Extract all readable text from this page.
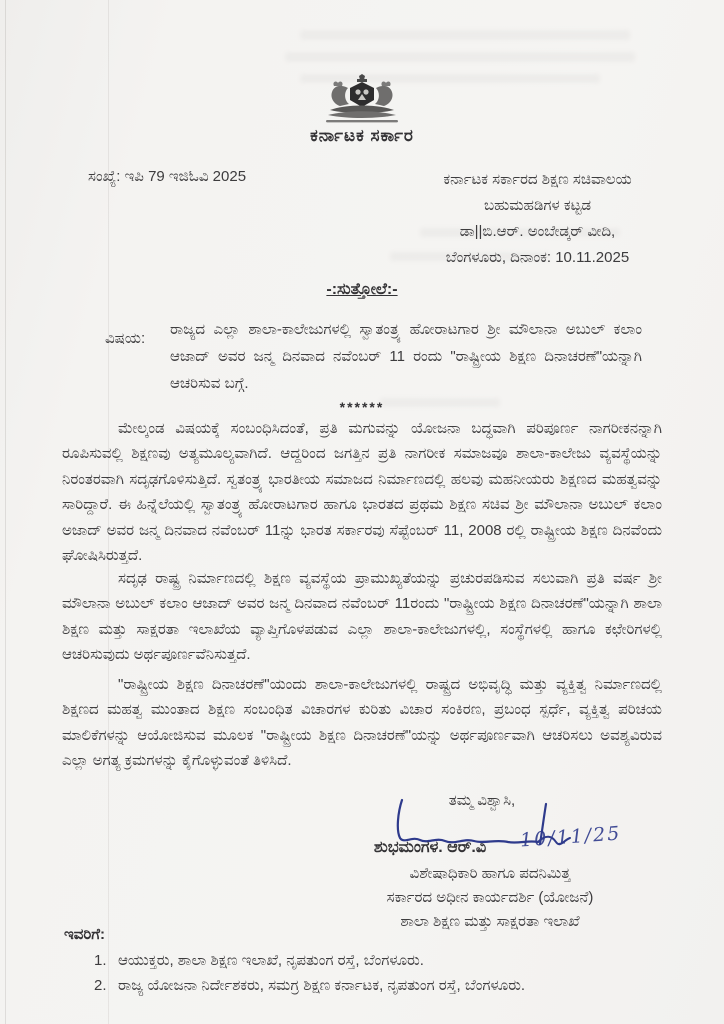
ಕರ್ನಾಟಕ ಸರ್ಕಾರ
ಸಂಖ್ಯೆ: ಇಪಿ 79 ಇಜಿಓವಿ 2025	ಕರ್ನಾಟಕ ಸರ್ಕಾರದ ಶಿಕ್ಷಣ ಸಚಿವಾಲಯ
ಬಹುಮಹಡಿಗಳ ಕಟ್ಟಡ
ಡಾ||ಬಿ.ಆರ್. ಅಂಬೇಡ್ಕರ್ ವೀದಿ,
ಬೆಂಗಳೂರು, ದಿನಾಂಕ: 10.11.2025
-:ಸುತ್ತೋಲೆ:-
ವಿಷಯ:
ರಾಜ್ಯದ ಎಲ್ಲಾ ಶಾಲಾ-ಕಾಲೇಜುಗಳಲ್ಲಿ ಸ್ವಾತಂತ್ರ್ಯ ಹೋರಾಟಗಾರ ಶ್ರೀ ಮೌಲಾನಾ ಅಬುಲ್ ಕಲಾಂ ಆಜಾದ್ ಅವರ ಜನ್ಮ ದಿನವಾದ ನವೆಂಬರ್ 11 ರಂದು "ರಾಷ್ಟ್ರೀಯ ಶಿಕ್ಷಣ ದಿನಾಚರಣೆ"ಯನ್ನಾಗಿ ಆಚರಿಸುವ ಬಗ್ಗೆ.
******
ಮೇಲ್ಕಂಡ ವಿಷಯಕ್ಕೆ ಸಂಬಂಧಿಸಿದಂತೆ, ಪ್ರತಿ ಮಗುವನ್ನು ಯೋಜನಾ ಬದ್ಧವಾಗಿ ಪರಿಪೂರ್ಣ ನಾಗರೀಕನನ್ನಾಗಿ ರೂಪಿಸುವಲ್ಲಿ ಶಿಕ್ಷಣವು ಅತ್ಯಮೂಲ್ಯವಾಗಿದೆ. ಆದ್ದರಿಂದ ಜಗತ್ತಿನ ಪ್ರತಿ ನಾಗರೀಕ ಸಮಾಜವೂ ಶಾಲಾ-ಕಾಲೇಜು ವ್ಯವಸ್ಥೆಯನ್ನು ನಿರಂತರವಾಗಿ ಸದೃಢಗೊಳಿಸುತ್ತಿದೆ. ಸ್ವತಂತ್ರ್ಯ ಭಾರತೀಯ ಸಮಾಜದ ನಿರ್ಮಾಣದಲ್ಲಿ ಹಲವು ಮಹನೀಯರು ಶಿಕ್ಷಣದ ಮಹತ್ವವನ್ನು ಸಾರಿದ್ದಾರೆ. ಈ ಹಿನ್ನೆಲೆಯಲ್ಲಿ ಸ್ವಾತಂತ್ರ್ಯ ಹೋರಾಟಗಾರ ಹಾಗೂ ಭಾರತದ ಪ್ರಥಮ ಶಿಕ್ಷಣ ಸಚಿವ ಶ್ರೀ ಮೌಲಾನಾ ಅಬುಲ್ ಕಲಾಂ ಅಜಾದ್ ಅವರ ಜನ್ಮ ದಿನವಾದ ನವೆಂಬರ್ 11ನ್ನು ಭಾರತ ಸರ್ಕಾರವು ಸೆಪ್ಟೆಂಬರ್ 11, 2008 ರಲ್ಲಿ ರಾಷ್ಟ್ರೀಯ ಶಿಕ್ಷಣ ದಿನವೆಂದು ಘೋಷಿಸಿರುತ್ತದೆ.
ಸದೃಢ ರಾಷ್ಟ್ರ ನಿರ್ಮಾಣದಲ್ಲಿ ಶಿಕ್ಷಣ ವ್ಯವಸ್ಥೆಯ ಪ್ರಾಮುಖ್ಯತೆಯನ್ನು ಪ್ರಚುರಪಡಿಸುವ ಸಲುವಾಗಿ ಪ್ರತಿ ವರ್ಷ ಶ್ರೀ ಮೌಲಾನಾ ಅಬುಲ್ ಕಲಾಂ ಆಜಾದ್ ಅವರ ಜನ್ಮ ದಿನವಾದ ನವೆಂಬರ್ 11ರಂದು "ರಾಷ್ಟ್ರೀಯ ಶಿಕ್ಷಣ ದಿನಾಚರಣೆ"ಯನ್ನಾಗಿ ಶಾಲಾ ಶಿಕ್ಷಣ ಮತ್ತು ಸಾಕ್ಷರತಾ ಇಲಾಖೆಯ ವ್ಯಾಪ್ತಿಗೊಳಪಡುವ ಎಲ್ಲಾ ಶಾಲಾ-ಕಾಲೇಜುಗಳಲ್ಲಿ, ಸಂಸ್ಥೆಗಳಲ್ಲಿ ಹಾಗೂ ಕಛೇರಿಗಳಲ್ಲಿ ಆಚರಿಸುವುದು ಅರ್ಥಪೂರ್ಣವೆನಿಸುತ್ತದೆ.
"ರಾಷ್ಟ್ರೀಯ ಶಿಕ್ಷಣ ದಿನಾಚರಣೆ"ಯಂದು ಶಾಲಾ-ಕಾಲೇಜುಗಳಲ್ಲಿ ರಾಷ್ಟ್ರದ ಅಭಿವೃದ್ಧಿ ಮತ್ತು ವ್ಯಕ್ತಿತ್ವ ನಿರ್ಮಾಣದಲ್ಲಿ ಶಿಕ್ಷಣದ ಮಹತ್ವ ಮುಂತಾದ ಶಿಕ್ಷಣ ಸಂಬಂಧಿತ ವಿಚಾರಗಳ ಕುರಿತು ವಿಚಾರ ಸಂಕಿರಣ, ಪ್ರಬಂಧ ಸ್ಪರ್ಧೆ, ವ್ಯಕ್ತಿತ್ವ ಪರಿಚಯ ಮಾಲಿಕೆಗಳನ್ನು ಆಯೋಜಿಸುವ ಮೂಲಕ "ರಾಷ್ಟ್ರೀಯ ಶಿಕ್ಷಣ ದಿನಾಚರಣೆ"ಯನ್ನು ಅರ್ಥಪೂರ್ಣವಾಗಿ ಆಚರಿಸಲು ಅವಶ್ಯವಿರುವ ಎಲ್ಲಾ ಅಗತ್ಯ ಕ್ರಮಗಳನ್ನು ಕೈಗೊಳ್ಳುವಂತೆ ತಿಳಿಸಿದೆ.
ತಮ್ಮ ವಿಶ್ವಾಸಿ,
10/11/25
ಶುಭಮಂಗಳ. ಆರ್.ವಿ
ವಿಶೇಷಾಧಿಕಾರಿ ಹಾಗೂ ಪದನಿಮಿತ್ತ
ಸರ್ಕಾರದ ಅಧೀನ ಕಾರ್ಯದರ್ಶಿ (ಯೋಜನೆ)
ಶಾಲಾ ಶಿಕ್ಷಣ ಮತ್ತು ಸಾಕ್ಷರತಾ ಇಲಾಖೆ
ಇವರಿಗೆ:
1. ಆಯುಕ್ತರು, ಶಾಲಾ ಶಿಕ್ಷಣ ಇಲಾಖೆ, ನೃಪತುಂಗ ರಸ್ತೆ, ಬೆಂಗಳೂರು.
2. ರಾಜ್ಯ ಯೋಜನಾ ನಿರ್ದೇಶಕರು, ಸಮಗ್ರ ಶಿಕ್ಷಣ ಕರ್ನಾಟಕ, ನೃಪತುಂಗ ರಸ್ತೆ, ಬೆಂಗಳೂರು.
